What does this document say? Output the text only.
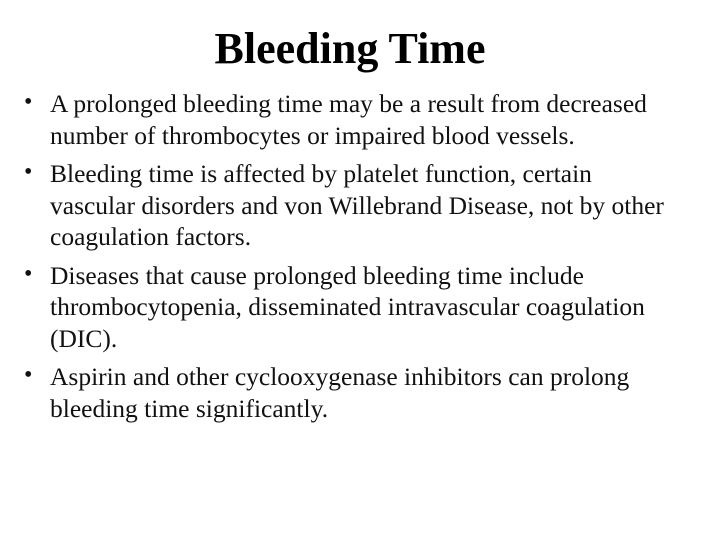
Bleeding Time
• A prolonged bleeding time may be a result from decreased number of thrombocytes or impaired blood vessels.
• Bleeding time is affected by platelet function, certain vascular disorders and von Willebrand Disease, not by other coagulation factors.
• Diseases that cause prolonged bleeding time include thrombocytopenia, disseminated intravascular coagulation (DIC).
• Aspirin and other cyclooxygenase inhibitors can prolong bleeding time significantly.
